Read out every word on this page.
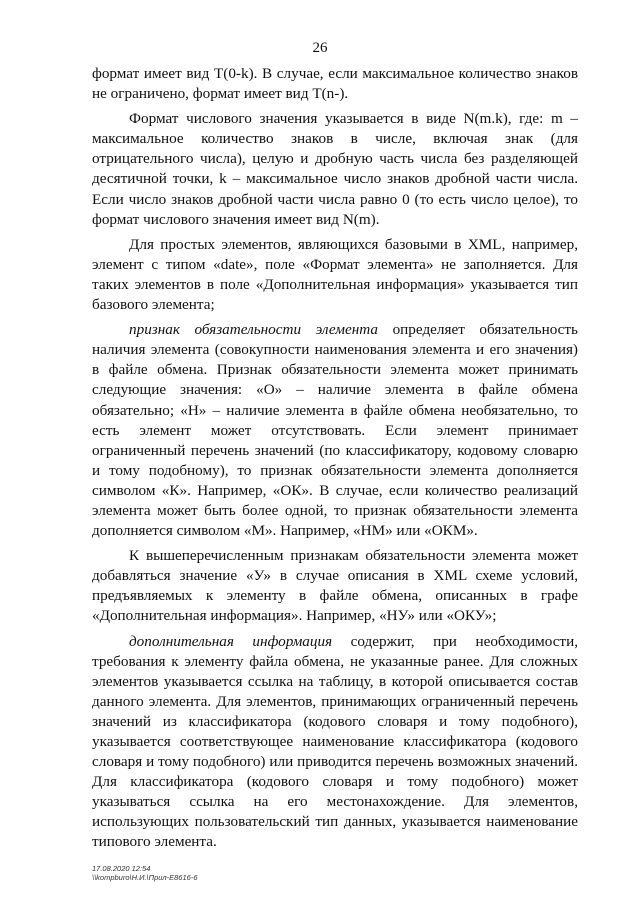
26

формат имеет вид T(0-k). В случае, если максимальное количество знаков не ограничено, формат имеет вид T(n-).

Формат числового значения указывается в виде N(m.k), где: m – максимальное количество знаков в числе, включая знак (для отрицательного числа), целую и дробную часть числа без разделяющей десятичной точки, k – максимальное число знаков дробной части числа. Если число знаков дробной части числа равно 0 (то есть число целое), то формат числового значения имеет вид N(m).

Для простых элементов, являющихся базовыми в XML, например, элемент с типом «date», поле «Формат элемента» не заполняется. Для таких элементов в поле «Дополнительная информация» указывается тип базового элемента;

признак обязательности элемента определяет обязательность наличия элемента (совокупности наименования элемента и его значения) в файле обмена. Признак обязательности элемента может принимать следующие значения: «О» – наличие элемента в файле обмена обязательно; «Н» – наличие элемента в файле обмена необязательно, то есть элемент может отсутствовать. Если элемент принимает ограниченный перечень значений (по классификатору, кодовому словарю и тому подобному), то признак обязательности элемента дополняется символом «К». Например, «ОК». В случае, если количество реализаций элемента может быть более одной, то признак обязательности элемента дополняется символом «М». Например, «НМ» или «ОКМ».

К вышеперечисленным признакам обязательности элемента может добавляться значение «У» в случае описания в XML схеме условий, предъявляемых к элементу в файле обмена, описанных в графе «Дополнительная информация». Например, «НУ» или «ОКУ»;

дополнительная информация содержит, при необходимости, требования к элементу файла обмена, не указанные ранее. Для сложных элементов указывается ссылка на таблицу, в которой описывается состав данного элемента. Для элементов, принимающих ограниченный перечень значений из классификатора (кодового словаря и тому подобного), указывается соответствующее наименование классификатора (кодового словаря и тому подобного) или приводится перечень возможных значений. Для классификатора (кодового словаря и тому подобного) может указываться ссылка на его местонахождение. Для элементов, использующих пользовательский тип данных, указывается наименование типового элемента.

17.08.2020 12:54
\\kompburo\Н.И.\Прил-Е8616-6
